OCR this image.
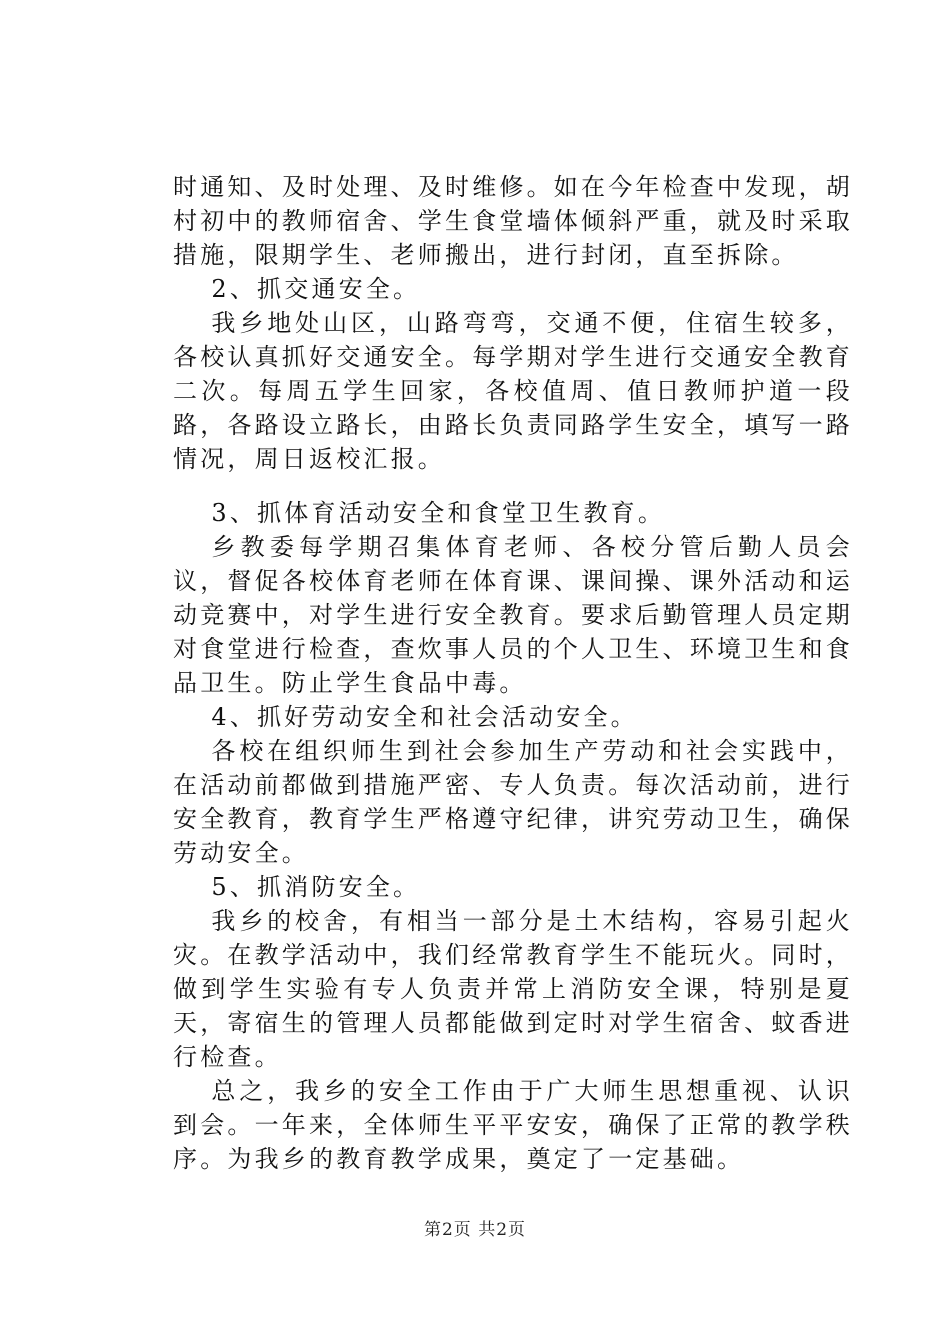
时通知、及时处理、及时维修。如在今年检查中发现，胡村初中的教师宿舍、学生食堂墙体倾斜严重，就及时采取措施，限期学生、老师搬出，进行封闭，直至拆除。

2、抓交通安全。

我乡地处山区，山路弯弯，交通不便，住宿生较多，各校认真抓好交通安全。每学期对学生进行交通安全教育二次。每周五学生回家，各校值周、值日教师护道一段路，各路设立路长，由路长负责同路学生安全，填写一路情况，周日返校汇报。

3、抓体育活动安全和食堂卫生教育。

乡教委每学期召集体育老师、各校分管后勤人员会议，督促各校体育老师在体育课、课间操、课外活动和运动竞赛中，对学生进行安全教育。要求后勤管理人员定期对食堂进行检查，查炊事人员的个人卫生、环境卫生和食品卫生。防止学生食品中毒。

4、抓好劳动安全和社会活动安全。

各校在组织师生到社会参加生产劳动和社会实践中，在活动前都做到措施严密、专人负责。每次活动前，进行安全教育，教育学生严格遵守纪律，讲究劳动卫生，确保劳动安全。

5、抓消防安全。

我乡的校舍，有相当一部分是土木结构，容易引起火灾。在教学活动中，我们经常教育学生不能玩火。同时，做到学生实验有专人负责并常上消防安全课，特别是夏天，寄宿生的管理人员都能做到定时对学生宿舍、蚊香进行检查。

总之，我乡的安全工作由于广大师生思想重视、认识到会。一年来，全体师生平平安安，确保了正常的教学秩序。为我乡的教育教学成果，奠定了一定基础。

第2页 共2页
